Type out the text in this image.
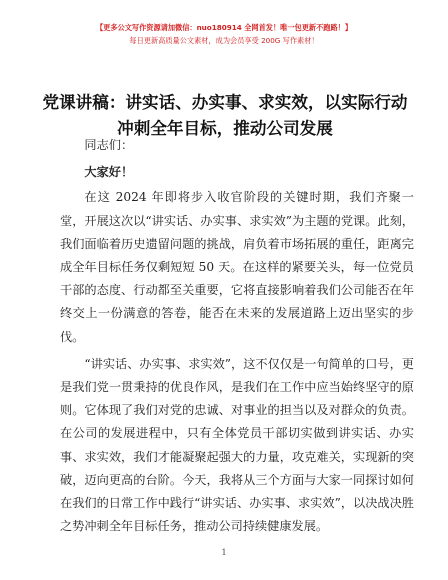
【更多公文写作资源请加微信：nuo180914 全网首发！唯一包更新不跑路！】
每日更新高质量公文素材，成为会员享受 200G 写作素材！
党课讲稿：讲实话、办实事、求实效，以实际行动冲刺全年目标，推动公司发展

同志们：

大家好！

在这 2024 年即将步入收官阶段的关键时期，我们齐聚一堂，开展这次以“讲实话、办实事、求实效”为主题的党课。此刻，我们面临着历史遗留问题的挑战，肩负着市场拓展的重任，距离完成全年目标任务仅剩短短 50 天。在这样的紧要关头，每一位党员干部的态度、行动都至关重要，它将直接影响着我们公司能否在年终交上一份满意的答卷，能否在未来的发展道路上迈出坚实的步伐。

“讲实话、办实事、求实效”，这不仅仅是一句简单的口号，更是我们党一贯秉持的优良作风，是我们在工作中应当始终坚守的原则。它体现了我们对党的忠诚、对事业的担当以及对群众的负责。在公司的发展进程中，只有全体党员干部切实做到讲实话、办实事、求实效，我们才能凝聚起强大的力量，攻克难关，实现新的突破，迈向更高的台阶。今天，我将从三个方面与大家一同探讨如何在我们的日常工作中践行“讲实话、办实事、求实效”，以决战决胜之势冲刺全年目标任务，推动公司持续健康发展。

1
